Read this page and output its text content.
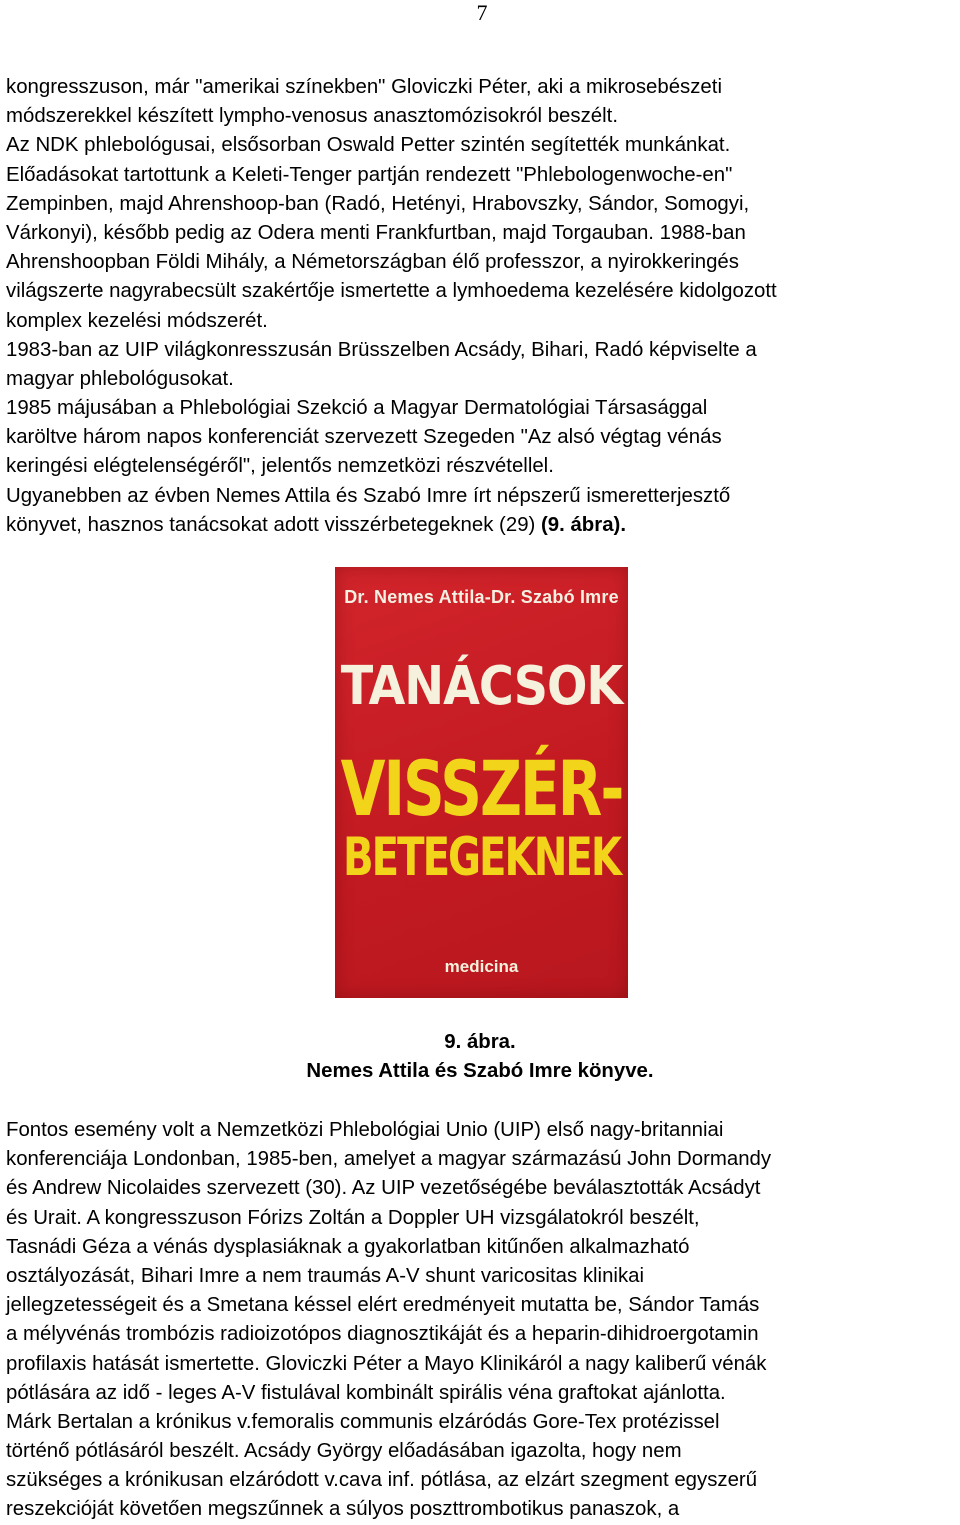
7
kongresszuson, már "amerikai színekben" Gloviczki Péter, aki a mikrosebészeti
módszerekkel készített lympho-venosus anasztomózisokról beszélt.
Az NDK phlebológusai, elsősorban Oswald Petter szintén segítették munkánkat.
Előadásokat tartottunk a Keleti-Tenger partján rendezett "Phlebologenwoche-en"
Zempinben, majd Ahrenshoop-ban (Radó, Hetényi, Hrabovszky, Sándor, Somogyi,
Várkonyi), később pedig az Odera menti Frankfurtban, majd Torgauban. 1988-ban
Ahrenshoopban Földi Mihály, a Németországban élő professzor, a nyirokkeringés
világszerte nagyrabecsült szakértője ismertette a lymhoedema kezelésére kidolgozott
komplex kezelési módszerét.
1983-ban az UIP világkonresszusán Brüsszelben Acsády, Bihari, Radó képviselte a
magyar phlebológusokat.
1985 májusában a Phlebológiai Szekció a Magyar Dermatológiai Társasággal
karöltve három napos konferenciát szervezett Szegeden "Az alsó végtag vénás
keringési elégtelenségéről", jelentős nemzetközi részvétellel.
Ugyanebben az évben Nemes Attila és Szabó Imre írt népszerű ismeretterjesztő
könyvet, hasznos tanácsokat adott visszérbetegeknek (29) (9. ábra).
Dr. Nemes Attila-Dr. Szabó Imre
TANÁCSOK
VISSZÉR-
BETEGEKNEK
medicina
9. ábra.
Nemes Attila és Szabó Imre könyve.
Fontos esemény volt a Nemzetközi Phlebológiai Unio (UIP) első nagy-britanniai
konferenciája Londonban, 1985-ben, amelyet a magyar származású John Dormandy
és Andrew Nicolaides szervezett (30). Az UIP vezetőségébe beválasztották Acsádyt
és Urait. A kongresszuson Fórizs Zoltán a Doppler UH vizsgálatokról beszélt,
Tasnádi Géza a vénás dysplasiáknak a gyakorlatban kitűnően alkalmazható
osztályozását, Bihari Imre a nem traumás A-V shunt varicositas klinikai
jellegzetességeit és a Smetana késsel elért eredményeit mutatta be, Sándor Tamás
a mélyvénás trombózis radioizotópos diagnosztikáját és a heparin-dihidroergotamin
profilaxis hatását ismertette. Gloviczki Péter a Mayo Klinikáról a nagy kaliberű vénák
pótlására az idő - leges A-V fistulával kombinált spirális véna graftokat ajánlotta.
Márk Bertalan a krónikus v.femoralis communis elzáródás Gore-Tex protézissel
történő pótlásáról beszélt. Acsády György előadásában igazolta, hogy nem
szükséges a krónikusan elzáródott v.cava inf. pótlása, az elzárt szegment egyszerű
reszekcióját követően megszűnnek a súlyos poszttrombotikus panaszok, a
